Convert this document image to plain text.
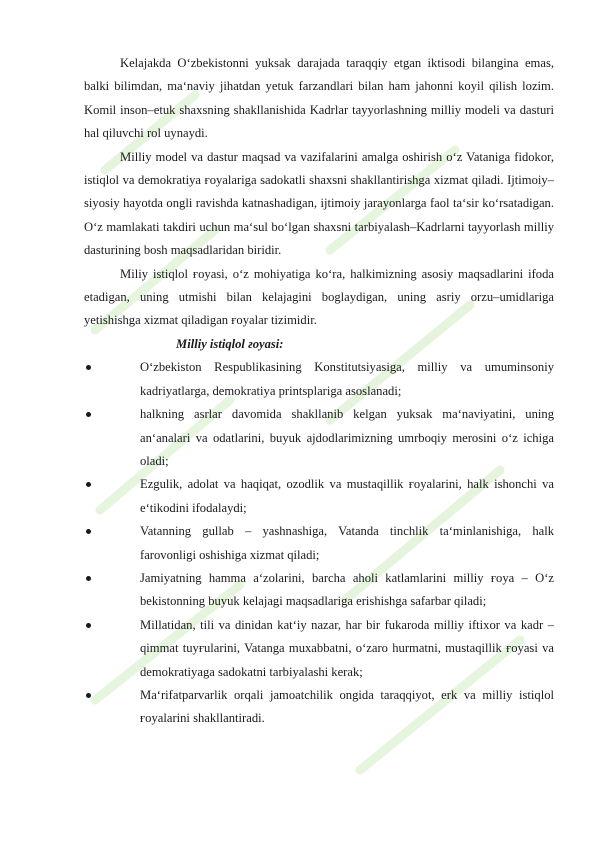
Kelajakda O‘zbekistonni yuksak darajada taraqqiy etgan iktisodi bilangina emas, balki bilimdan, ma‘naviy jihatdan yetuk farzandlari bilan ham jahonni koyil qilish lozim. Komil inson–etuk shaxsning shakllanishida Kadrlar tayyorlashning milliy modeli va dasturi hal qiluvchi rol uynaydi.

Milliy model va dastur maqsad va vazifalarini amalga oshirish o‘z Vataniga fidokor, istiqlol va demokratiya ғoyalariga sadokatli shaxsni shakllantirishga xizmat qiladi. Ijtimoiy–siyosiy hayotda ongli ravishda katnashadigan, ijtimoiy jarayonlarga faol ta‘sir ko‘rsatadigan. O‘z mamlakati takdiri uchun ma‘sul bo‘lgan shaxsni tarbiyalash–Kadrlarni tayyorlash milliy dasturining bosh maqsadlaridan biridir.

Miliy istiqlol ғoyasi, o‘z mohiyatiga ko‘ra, halkimizning asosiy maqsadlarini ifoda etadigan, uning utmishi bilan kelajagini boglaydigan, uning asriy orzu–umidlariga yetishishga xizmat qiladigan ғoyalar tizimidir.

Milliy istiqlol ғoyasi:

O‘zbekiston Respublikasining Konstitutsiyasiga, milliy va umuminsoniy kadriyatlarga, demokratiya printsplariga asoslanadi;
halkning asrlar davomida shakllanib kelgan yuksak ma‘naviyatini, uning an‘analari va odatlarini, buyuk ajdodlarimizning umrboqiy merosini o‘z ichiga oladi;
Ezgulik, adolat va haqiqat, ozodlik va mustaqillik ғoyalarini, halk ishonchi va e‘tikodini ifodalaydi;
Vatanning gullab – yashnashiga, Vatanda tinchlik ta‘minlanishiga, halk farovonligi oshishiga xizmat qiladi;
Jamiyatning hamma a‘zolarini, barcha aholi katlamlarini milliy ғoya – O‘z bekistonning buyuk kelajagi maqsadlariga erishishga safarbar qiladi;
Millatidan, tili va dinidan kat‘iy nazar, har bir fukaroda milliy iftixor va kadr – qimmat tuyғularini, Vatanga muxabbatni, o‘zaro hurmatni, mustaqillik ғoyasi va demokratiyaga sadokatni tarbiyalashi kerak;
Ma‘rifatparvarlik orqali jamoatchilik ongida taraqqiyot, erk va milliy istiqlol ғoyalarini shakllantiradi.
